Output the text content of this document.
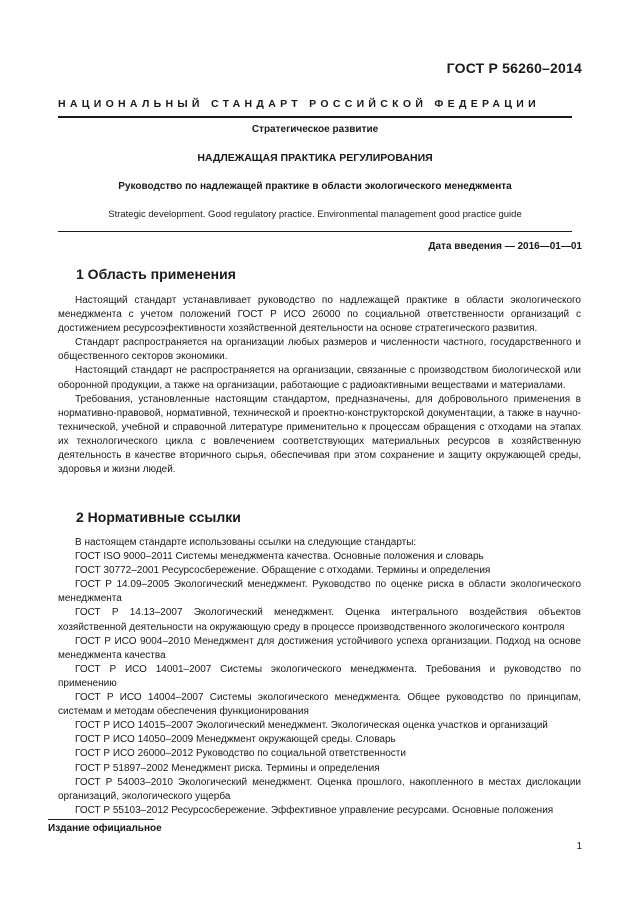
ГОСТ Р 56260–2014
НАЦИОНАЛЬНЫЙ СТАНДАРТ РОССИЙСКОЙ ФЕДЕРАЦИИ
Стратегическое развитие
НАДЛЕЖАЩАЯ ПРАКТИКА РЕГУЛИРОВАНИЯ
Руководство по надлежащей практике в области экологического менеджмента
Strategic development. Good regulatory practice. Environmental management good practice guide
Дата введения — 2016—01—01
1 Область применения

Настоящий стандарт устанавливает руководство по надлежащей практике в области экологического менеджмента с учетом положений ГОСТ Р ИСО 26000 по социальной ответственности организаций с достижением ресурсоэфективности хозяйственной деятельности на основе стратегического развития.

Стандарт распространяется на организации любых размеров и численности частного, государственного и общественного секторов экономики.

Настоящий стандарт не распространяется на организации, связанные с производством биологической или оборонной продукции, а также на организации, работающие с радиоактивными веществами и материалами.

Требования, установленные настоящим стандартом, предназначены, для добровольного применения в нормативно-правовой, нормативной, технической и проектно-конструкторской документации, а также в научно-технической, учебной и справочной литературе применительно к процессам обращения с отходами на этапах их технологического цикла с вовлечением соответствующих материальных ресурсов в хозяйственную деятельность в качестве вторичного сырья, обеспечивая при этом сохранение и защиту окружающей среды, здоровья и жизни людей.

2 Нормативные ссылки

В настоящем стандарте использованы ссылки на следующие стандарты:

ГОСТ ISO 9000–2011 Системы менеджмента качества. Основные положения и словарь

ГОСТ 30772–2001 Ресурсосбережение. Обращение с отходами. Термины и определения

ГОСТ Р 14.09–2005 Экологический менеджмент. Руководство по оценке риска в области экологического менеджмента

ГОСТ Р 14.13–2007 Экологический менеджмент. Оценка интегрального воздействия объектов хозяйственной деятельности на окружающую среду в процессе производственного экологического контроля

ГОСТ Р ИСО 9004–2010 Менеджмент для достижения устойчивого успеха организации. Подход на основе менеджмента качества

ГОСТ Р ИСО 14001–2007 Системы экологического менеджмента. Требования и руководство по применению

ГОСТ Р ИСО 14004–2007 Системы экологического менеджмента. Общее руководство по принципам, системам и методам обеспечения функционирования

ГОСТ Р ИСО 14015–2007 Экологический менеджмент. Экологическая оценка участков и организаций

ГОСТ Р ИСО 14050–2009 Менеджмент окружающей среды. Словарь

ГОСТ Р ИСО 26000–2012 Руководство по социальной ответственности

ГОСТ Р 51897–2002 Менеджмент риска. Термины и определения

ГОСТ Р 54003–2010 Экологический менеджмент. Оценка прошлого, накопленного в местах дислокации организаций, экологического ущерба

ГОСТ Р 55103–2012 Ресурсосбережение. Эффективное управление ресурсами. Основные положения

Издание официальное
1
